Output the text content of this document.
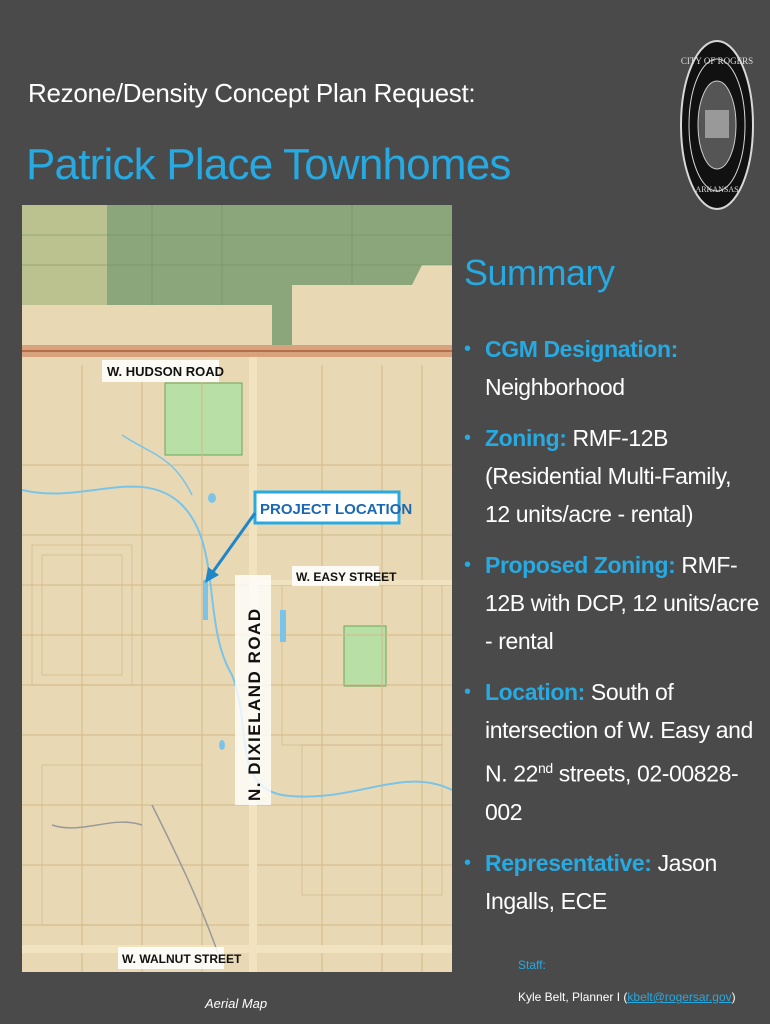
Rezone/Density Concept Plan Request:
Patrick Place Townhomes
CITY OF ROGERS
ARKANSAS
W. HUDSON ROAD
PROJECT LOCATION
W. EASY STREET
N. DIXIELAND ROAD
W. WALNUT STREET
Summary
• CGM Designation: Neighborhood
• Zoning: RMF-12B (Residential Multi-Family, 12 units/acre - rental)
• Proposed Zoning: RMF-12B with DCP, 12 units/acre - rental
• Location: South of intersection of W. Easy and N. 22nd streets, 02-00828-002
• Representative: Jason Ingalls, ECE
Staff:
Kyle Belt, Planner I (kbelt@rogersar.gov)
Aerial Map
